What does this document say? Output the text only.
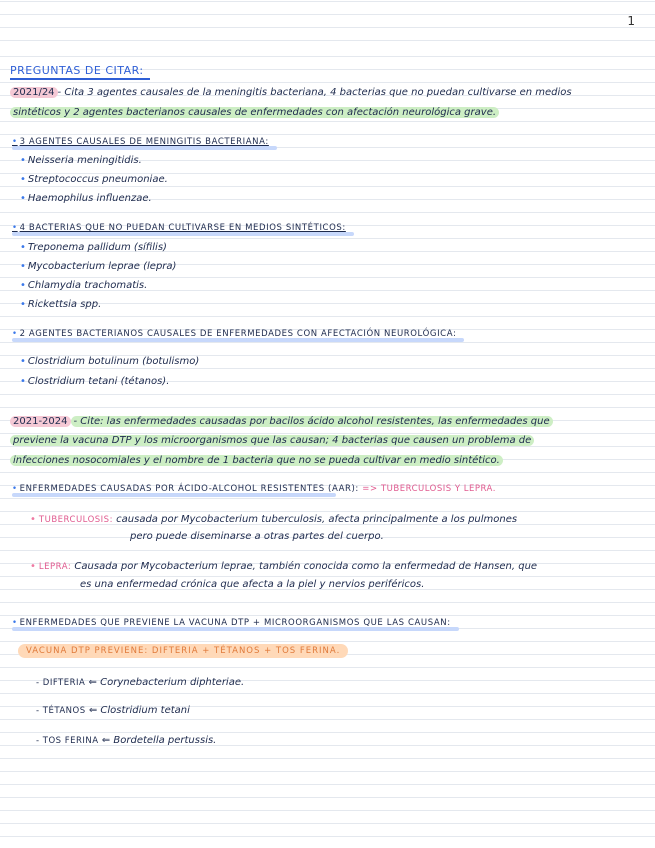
1
PREGUNTAS DE CITAR:
2021/24 - Cita 3 agentes causales de la meningitis bacteriana, 4 bacterias que no puedan cultivarse en medios
sintéticos y 2 agentes bacterianos causales de enfermedades con afectación neurológica grave.
• 3 AGENTES CAUSALES DE MENINGITIS BACTERIANA:
• Neisseria meningitidis.
• Streptococcus pneumoniae.
• Haemophilus influenzae.
• 4 BACTERIAS QUE NO PUEDAN CULTIVARSE EN MEDIOS SINTÉTICOS:
• Treponema pallidum (sífilis)
• Mycobacterium leprae (lepra)
• Chlamydia trachomatis.
• Rickettsia spp.
• 2 AGENTES BACTERIANOS CAUSALES DE ENFERMEDADES CON AFECTACIÓN NEUROLÓGICA:
• Clostridium botulinum (botulismo)
• Clostridium tetani (tétanos).
2021-2024 - Cite: las enfermedades causadas por bacilos ácido alcohol resistentes, las enfermedades que
previene la vacuna DTP y los microorganismos que las causan; 4 bacterias que causen un problema de
infecciones nosocomiales y el nombre de 1 bacteria que no se pueda cultivar en medio sintético.
• ENFERMEDADES CAUSADAS POR ÁCIDO-ALCOHOL RESISTENTES (AAR): => TUBERCULOSIS Y LEPRA.
• TUBERCULOSIS: causada por Mycobacterium tuberculosis, afecta principalmente a los pulmones
pero puede diseminarse a otras partes del cuerpo.
• LEPRA: Causada por Mycobacterium leprae, también conocida como la enfermedad de Hansen, que
es una enfermedad crónica que afecta a la piel y nervios periféricos.
• ENFERMEDADES QUE PREVIENE LA VACUNA DTP + MICROORGANISMOS QUE LAS CAUSAN:
VACUNA DTP PREVIENE: DIFTERIA + TÉTANOS + TOS FERINA.
- DIFTERIA ⇐ Corynebacterium diphteriae.
- TÉTANOS ⇐ Clostridium tetani
- TOS FERINA ⇐ Bordetella pertussis.
